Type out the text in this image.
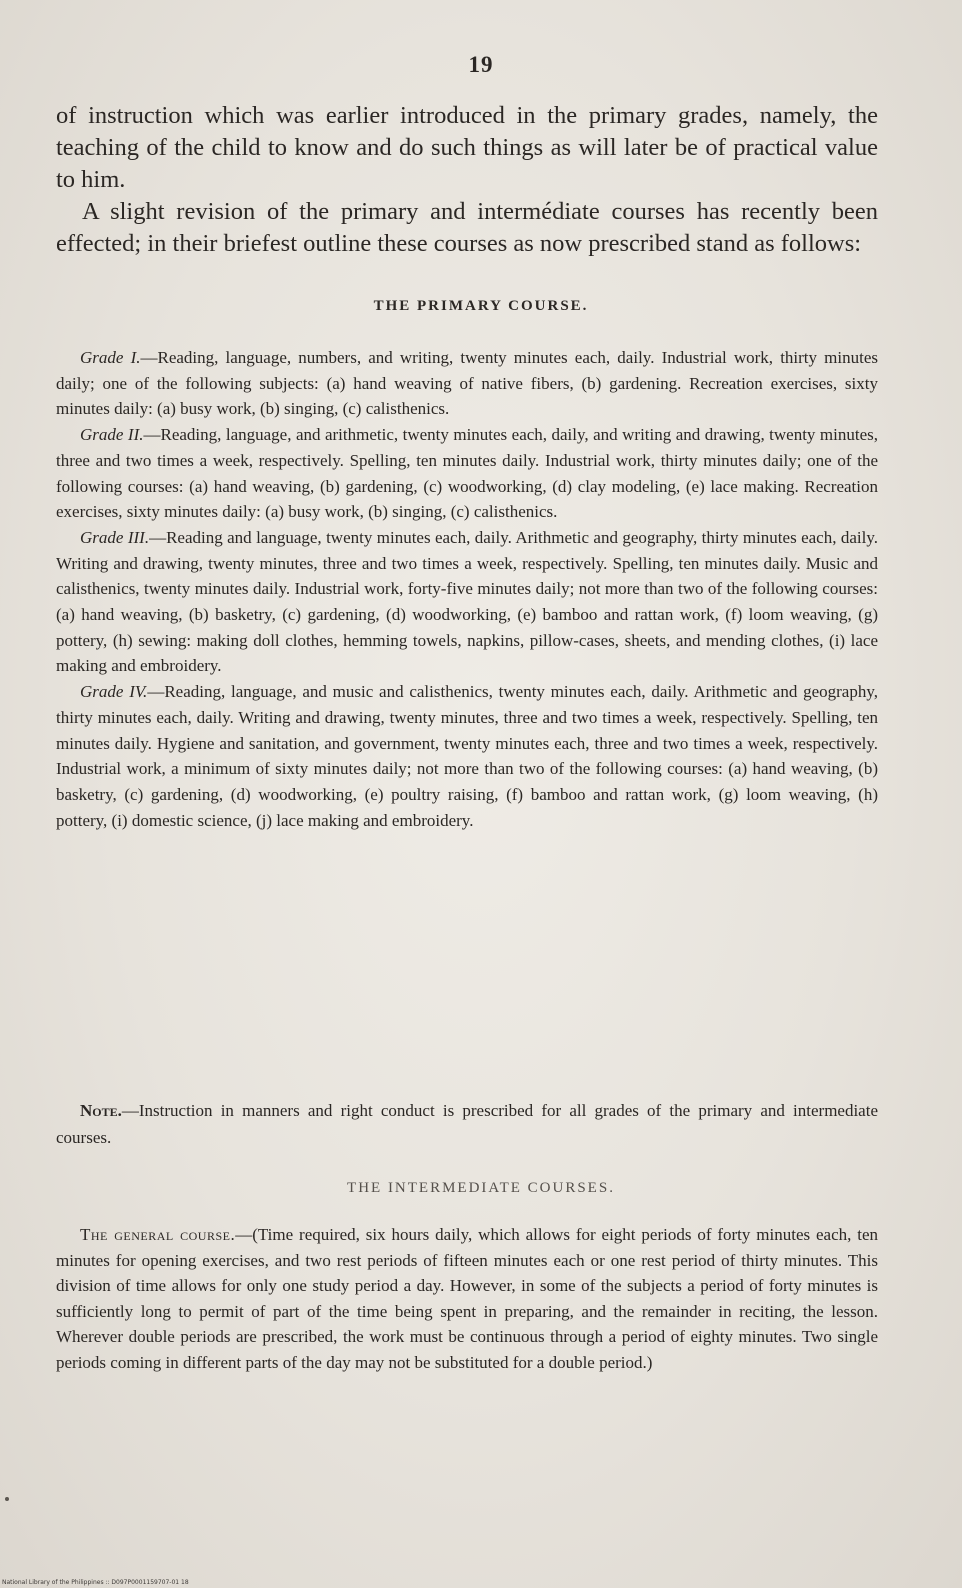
19

of instruction which was earlier introduced in the primary grades, namely, the teaching of the child to know and do such things as will later be of practical value to him.

A slight revision of the primary and intermédiate courses has recently been effected; in their briefest outline these courses as now prescribed stand as follows:

THE PRIMARY COURSE.

Grade I.—Reading, language, numbers, and writing, twenty minutes each, daily. Industrial work, thirty minutes daily; one of the following subjects: (a) hand weaving of native fibers, (b) gardening. Recreation exercises, sixty minutes daily: (a) busy work, (b) singing, (c) calisthenics.

Grade II.—Reading, language, and arithmetic, twenty minutes each, daily, and writing and drawing, twenty minutes, three and two times a week, respectively. Spelling, ten minutes daily. Industrial work, thirty minutes daily; one of the following courses: (a) hand weaving, (b) gardening, (c) woodworking, (d) clay modeling, (e) lace making. Recreation exercises, sixty minutes daily: (a) busy work, (b) singing, (c) calisthenics.

Grade III.—Reading and language, twenty minutes each, daily. Arithmetic and geography, thirty minutes each, daily. Writing and drawing, twenty minutes, three and two times a week, respectively. Spelling, ten minutes daily. Music and calisthenics, twenty minutes daily. Industrial work, forty-five minutes daily; not more than two of the following courses: (a) hand weaving, (b) basketry, (c) gardening, (d) woodworking, (e) bamboo and rattan work, (f) loom weaving, (g) pottery, (h) sewing: making doll clothes, hemming towels, napkins, pillow-cases, sheets, and mending clothes, (i) lace making and embroidery.

Grade IV.—Reading, language, and music and calisthenics, twenty minutes each, daily. Arithmetic and geography, thirty minutes each, daily. Writing and drawing, twenty minutes, three and two times a week, respectively. Spelling, ten minutes daily. Hygiene and sanitation, and government, twenty minutes each, three and two times a week, respectively. Industrial work, a minimum of sixty minutes daily; not more than two of the following courses: (a) hand weaving, (b) basketry, (c) gardening, (d) woodworking, (e) poultry raising, (f) bamboo and rattan work, (g) loom weaving, (h) pottery, (i) domestic science, (j) lace making and embroidery.

Note.—Instruction in manners and right conduct is prescribed for all grades of the primary and intermediate courses.

THE INTERMEDIATE COURSES.

The general course.—(Time required, six hours daily, which allows for eight periods of forty minutes each, ten minutes for opening exercises, and two rest periods of fifteen minutes each or one rest period of thirty minutes. This division of time allows for only one study period a day. However, in some of the subjects a period of forty minutes is sufficiently long to permit of part of the time being spent in preparing, and the remainder in reciting, the lesson. Wherever double periods are prescribed, the work must be continuous through a period of eighty minutes. Two single periods coming in different parts of the day may not be substituted for a double period.)

National Library of the Philippines :: D097P0001159707-01 18
